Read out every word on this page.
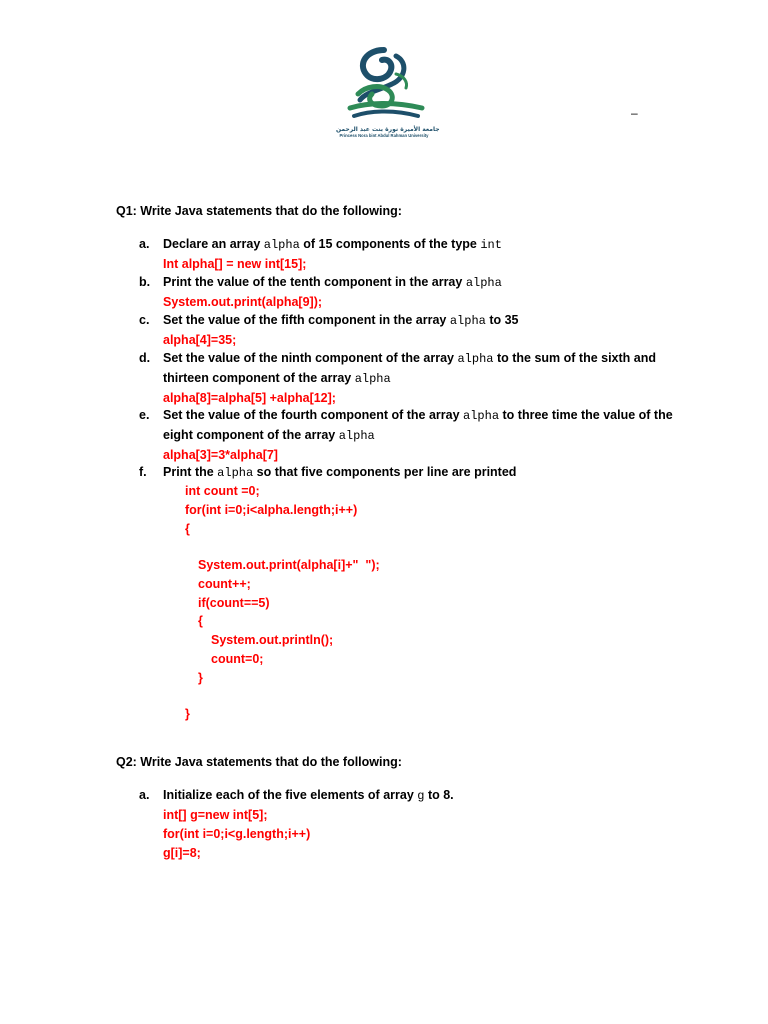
جامعة الأميرة نورة بنت عبد الرحمن
Princess Nora bint Abdul Rahman University
–
Q1: Write Java statements that do the following:
a. Declare an array alpha of 15 components of the type int
Int alpha[] = new int[15];
b. Print the value of the tenth component in the array alpha
System.out.print(alpha[9]);
c. Set the value of the fifth component in the array alpha to 35
alpha[4]=35;
d. Set the value of the ninth component of the array alpha to the sum of the sixth and
thirteen component of the array alpha
alpha[8]=alpha[5] +alpha[12];
e. Set the value of the fourth component of the array alpha to three time the value of the
eight component of the array alpha
alpha[3]=3*alpha[7]
f. Print the alpha so that five components per line are printed
int count =0;
for(int i=0;i<alpha.length;i++)
{
System.out.print(alpha[i]+"  ");
count++;
if(count==5)
{
System.out.println();
count=0;
}
}
Q2: Write Java statements that do the following:
a. Initialize each of the five elements of array g to 8.
int[] g=new int[5];
for(int i=0;i<g.length;i++)
g[i]=8;
